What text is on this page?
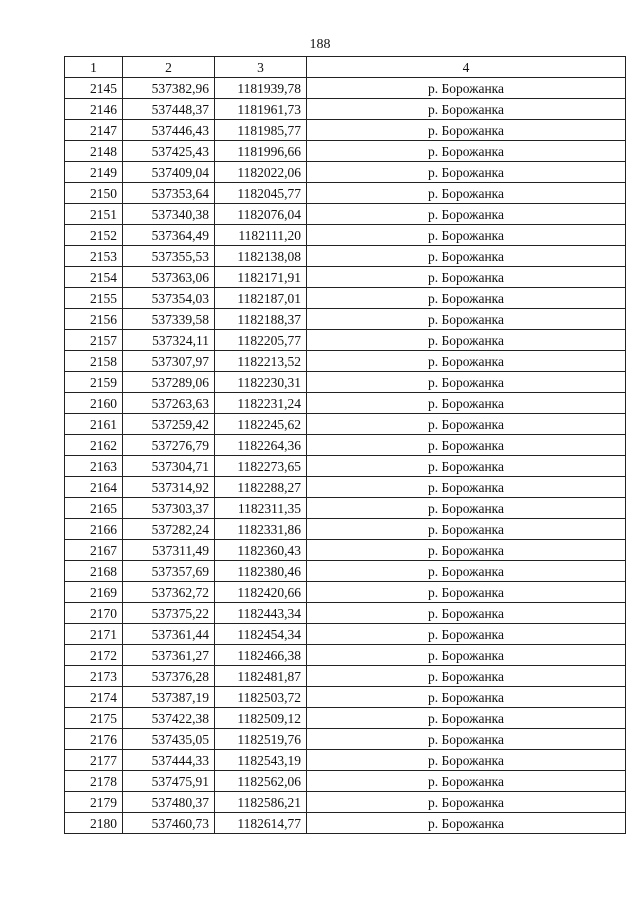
188
1	2	3	4
2145	537382,96	1181939,78	р. Борожанка
2146	537448,37	1181961,73	р. Борожанка
2147	537446,43	1181985,77	р. Борожанка
2148	537425,43	1181996,66	р. Борожанка
2149	537409,04	1182022,06	р. Борожанка
2150	537353,64	1182045,77	р. Борожанка
2151	537340,38	1182076,04	р. Борожанка
2152	537364,49	1182111,20	р. Борожанка
2153	537355,53	1182138,08	р. Борожанка
2154	537363,06	1182171,91	р. Борожанка
2155	537354,03	1182187,01	р. Борожанка
2156	537339,58	1182188,37	р. Борожанка
2157	537324,11	1182205,77	р. Борожанка
2158	537307,97	1182213,52	р. Борожанка
2159	537289,06	1182230,31	р. Борожанка
2160	537263,63	1182231,24	р. Борожанка
2161	537259,42	1182245,62	р. Борожанка
2162	537276,79	1182264,36	р. Борожанка
2163	537304,71	1182273,65	р. Борожанка
2164	537314,92	1182288,27	р. Борожанка
2165	537303,37	1182311,35	р. Борожанка
2166	537282,24	1182331,86	р. Борожанка
2167	537311,49	1182360,43	р. Борожанка
2168	537357,69	1182380,46	р. Борожанка
2169	537362,72	1182420,66	р. Борожанка
2170	537375,22	1182443,34	р. Борожанка
2171	537361,44	1182454,34	р. Борожанка
2172	537361,27	1182466,38	р. Борожанка
2173	537376,28	1182481,87	р. Борожанка
2174	537387,19	1182503,72	р. Борожанка
2175	537422,38	1182509,12	р. Борожанка
2176	537435,05	1182519,76	р. Борожанка
2177	537444,33	1182543,19	р. Борожанка
2178	537475,91	1182562,06	р. Борожанка
2179	537480,37	1182586,21	р. Борожанка
2180	537460,73	1182614,77	р. Борожанка
